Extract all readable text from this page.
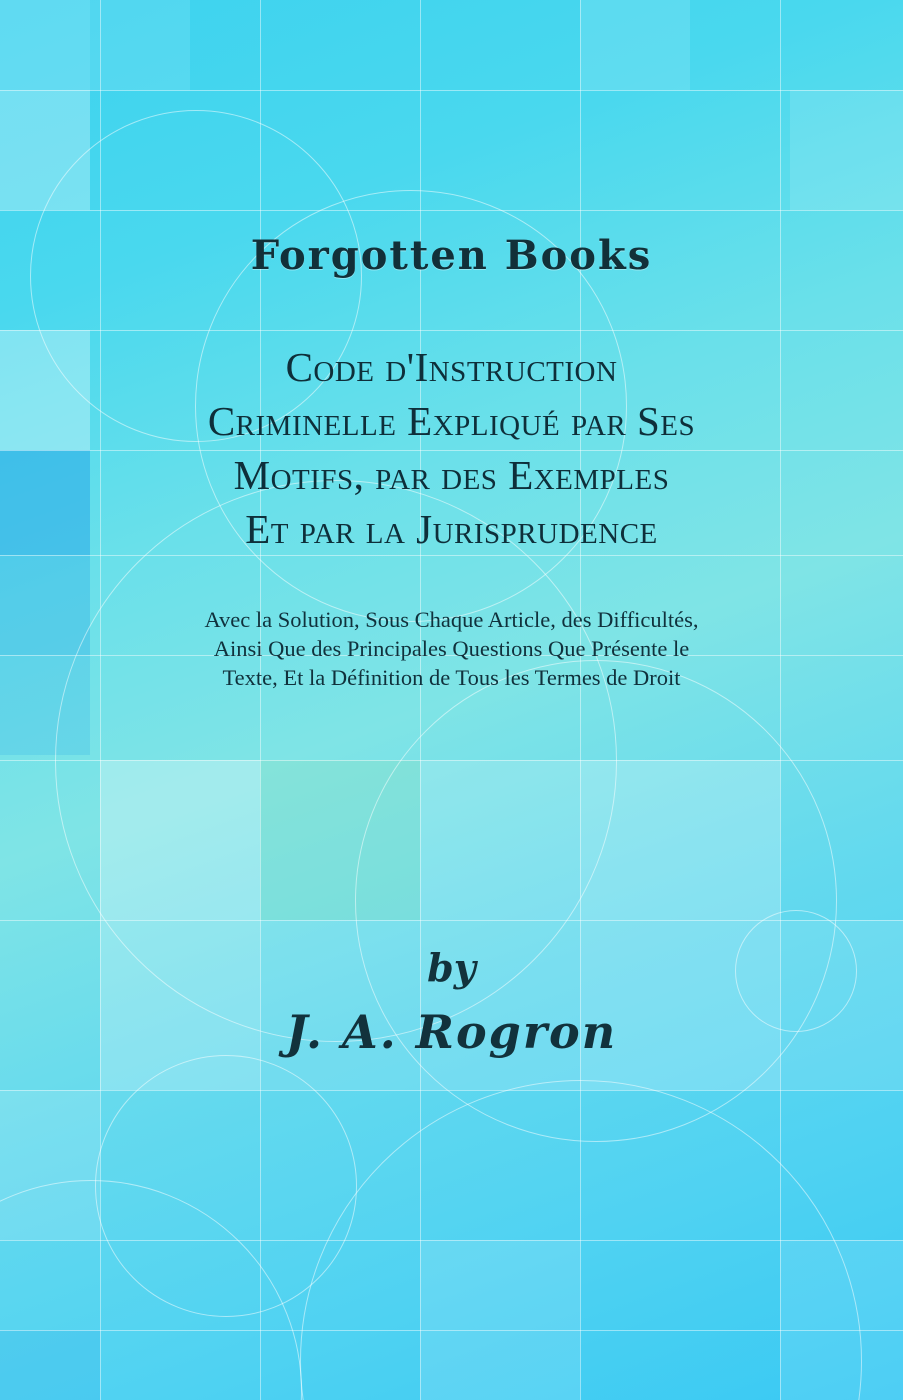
Forgotten Books
Code d'Instruction
Criminelle Expliqué par Ses
Motifs, par des Exemples
Et par la Jurisprudence
Avec la Solution, Sous Chaque Article, des Difficultés,
Ainsi Que des Principales Questions Que Présente le
Texte, Et la Définition de Tous les Termes de Droit
by
J. A. Rogron
